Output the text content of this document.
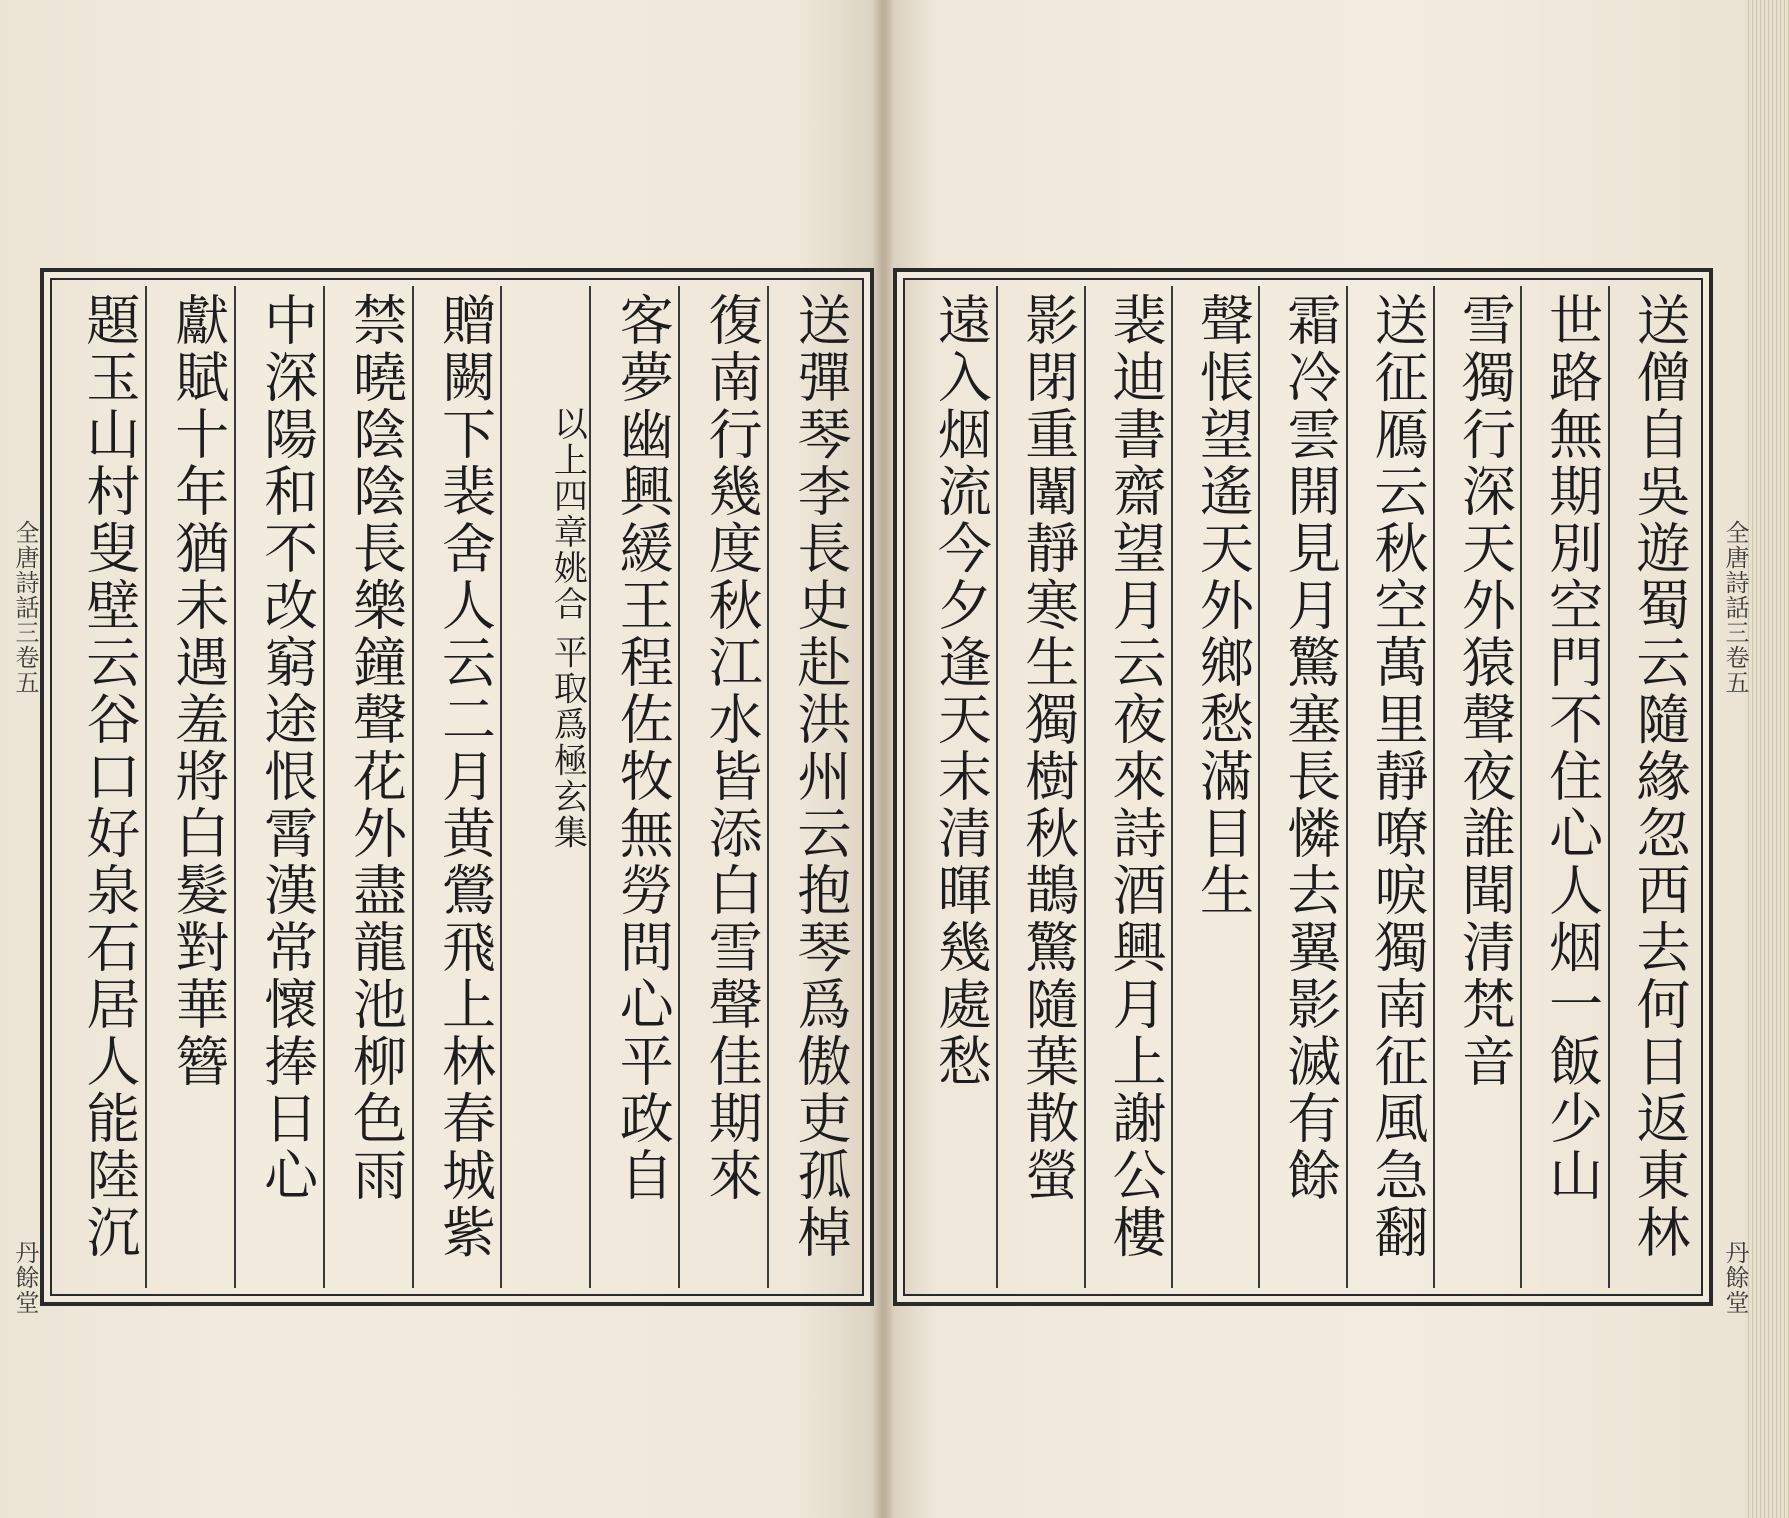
全唐詩話三卷五
丹餘堂
全唐詩話三卷五
丹餘堂
送彈琴李長史赴洪州云抱琴爲傲吏孤棹
復南行幾度秋江水皆添白雪聲佳期來
客夢幽興緩王程佐牧無勞問心平政自
以上四章姚合 平取爲極玄集
贈闕下裴舍人云二月黄鶯飛上林春城紫
禁曉陰陰長樂鐘聲花外盡龍池柳色雨
中深陽和不改窮途恨霄漢常懷捧日心
獻賦十年猶未遇羞將白髮對華簪
題玉山村叟壁云谷口好泉石居人能陸沉	送僧自吳遊蜀云隨緣忽西去何日返東林
世路無期別空門不住心人烟一飯少山
雪獨行深天外猿聲夜誰聞清梵音
送征鴈云秋空萬里靜嘹唳獨南征風急翻
霜冷雲開見月驚塞長憐去翼影滅有餘
聲悵望遙天外鄉愁滿目生
裴迪書齋望月云夜來詩酒興月上謝公樓
影閉重闈靜寒生獨樹秋鵲驚隨葉散螢
遠入烟流今夕逢天末清暉幾處愁
